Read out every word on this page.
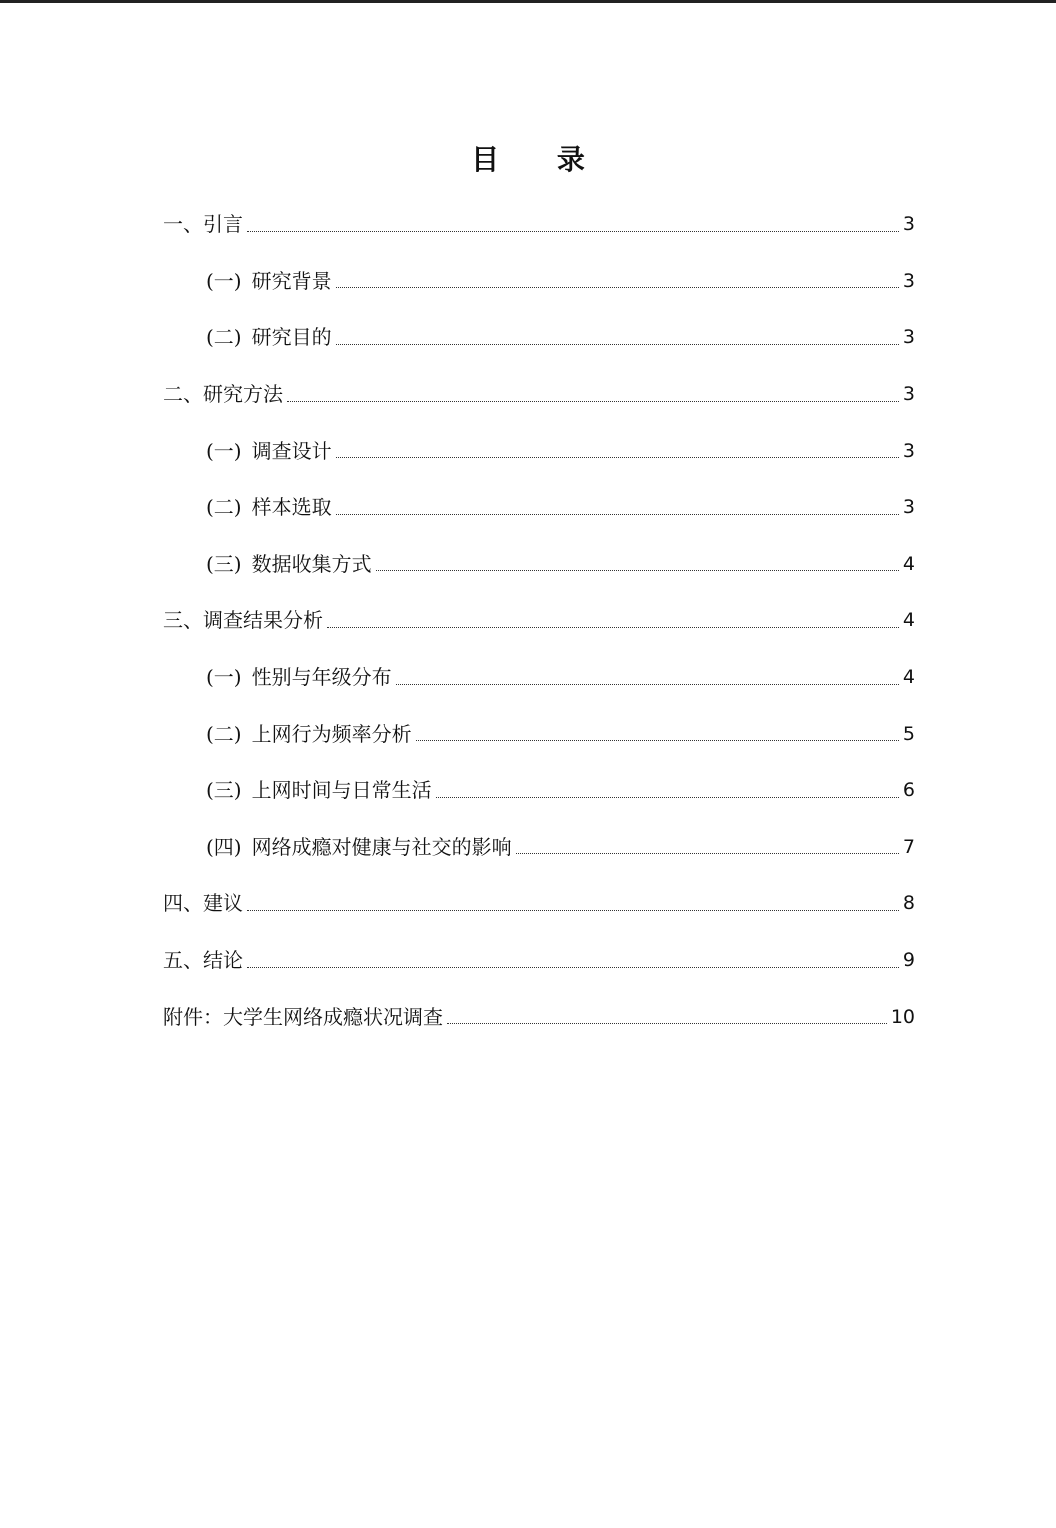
目 录
一、 引言	3
(一) 研究背景	3
(二) 研究目的	3
二、 研究方法	3
(一) 调查设计	3
(二) 样本选取	3
(三) 数据收集方式	4
三、 调查结果分析	4
(一) 性别与年级分布	4
(二) 上网行为频率分析	5
(三) 上网时间与日常生活	6
(四) 网络成瘾对健康与社交的影响	7
四、 建议	8
五、 结论	9
附件： 大学生网络成瘾状况调查	10
